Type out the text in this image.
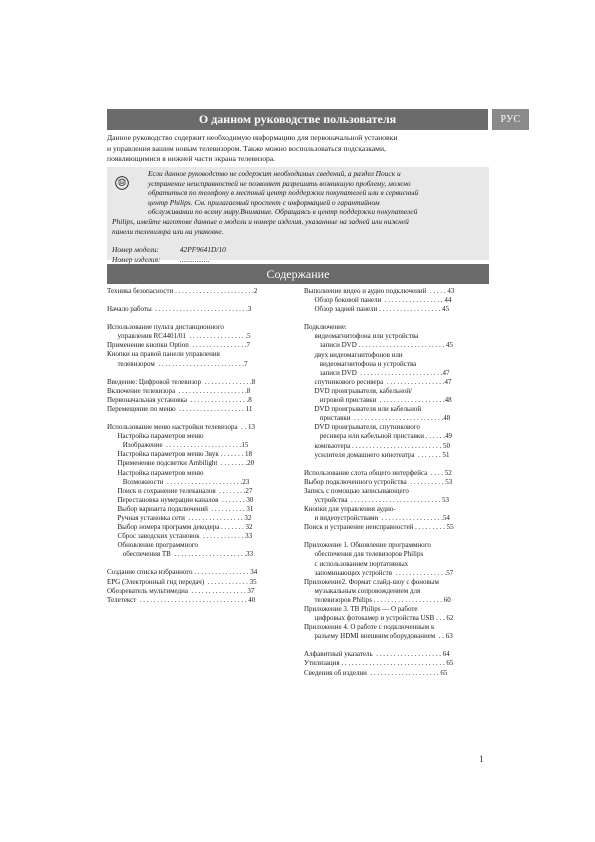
О данном руководстве пользователя	РУС
Данное руководство содержит необходимую информацию для первоначальной установки
и управления вашим новым телевизором. Также можно воспользоваться подсказками,
появляющимися в нижней части экрана телевизора.
Если данное руководство не содержит необходимых сведений, а раздел Поиск и
устранение неисправностей не позволяет разрешить возникшую проблему, можно
обратиться по телефону в местный центр поддержки покупателей или в сервисный
центр Philips. См. прилагаемый проспект с информацией о гарантийном
обслуживании по всему миру.Внимание. Обращаясь в центр поддержки покупателей
Philips, имейте наготове данные о модели и номере изделия, указанные на задней или нижней
панели телевизора или на упаковке.
Номер модели:	42PF9641D/10
Номер изделия:	................
Содержание
Техника безопасности . . . . . . . . . . . . . . . . . . . . . . .2
Начало работы  . . . . . . . . . . . . . . . . . . . . . . . . . . .3
Использование пульта дистанционного
управления RC4401/01  . . . . . . . . . . . . . . . . .5
Применение кнопки Option  . . . . . . . . . . . . . . . .7
Кнопки на правой панели управления
телевизором  . . . . . . . . . . . . . . . . . . . . . . . . .7
Введение: Цифровой телевизор  . . . . . . . . . . . . . .8
Включение телевизора  . . . . . . . . . . . . . . . . . . . .8
Первоначальная установка  . . . . . . . . . . . . . . . . .8
Перемещение по меню  . . . . . . . . . . . . . . . . . . . 11
Использование меню настройки телевизора  . . 13
Настройка параметров меню
Изображение  . . . . . . . . . . . . . . . . . . . . . .15
Настройка параметров меню Звук . . . . . . . 18
Применение подсветки Ambilight  . . . . . . . .20
Настройка параметров меню
Возможности  . . . . . . . . . . . . . . . . . . . . . .23
Поиск и сохранение телеканалов  . . . . . . . .27
Перестановка нумерации каналов  . . . . . . . 30
Выбор варианта подключений  . . . . . . . . . . 31
Ручная установка сети  . . . . . . . . . . . . . . . . 32
Выбор номера программ декодера . . . . . . . 32
Сброс заводских установок  . . . . . . . . . . . . 33
Обновление программного
обеспечения ТВ  . . . . . . . . . . . . . . . . . . . . .33
Создание списка избранного . . . . . . . . . . . . . . . . 34
EPG (Электронный гид передач)  . . . . . . . . . . . . 35
Обозреватель мультимедиа  . . . . . . . . . . . . . . . . 37
Телетекст  . . . . . . . . . . . . . . . . . . . . . . . . . . . . . . . 40
Выполнение видео и аудио подключений  . . . . . 43
Обзор боковой панели  . . . . . . . . . . . . . . . . . 44
Обзор задней панели . . . . . . . . . . . . . . . . . . 45
Подключение:
видеомагнитофона или устройства
записи DVD . . . . . . . . . . . . . . . . . . . . . . . . . 45
двух видеомагнитофонов или
видеомагнитофона и устройства
записи DVD  . . . . . . . . . . . . . . . . . . . . . . . .47
спутникового ресивера  . . . . . . . . . . . . . . . . .47
DVD проигрывателя, кабельной/
игровой приставки  . . . . . . . . . . . . . . . . . . .48
DVD проигрывателя или кабельной
приставки  . . . . . . . . . . . . . . . . . . . . . . . . . .48
DVD проигрывателя, спутникового
ресивера или кабельной приставки . . . . . .49
компьютера . . . . . . . . . . . . . . . . . . . . . . . . . . 50
усилителя домашнего кинотеатра  . . . . . . . 51
Использование слота общего интерфейса  . . . . 52
Выбор подключенного устройства  . . . . . . . . . . 53
Запись с помощью записывающего
устройства  . . . . . . . . . . . . . . . . . . . . . . . . . . 53
Кнопки для управления аудио-
и видеоустройствами  . . . . . . . . . . . . . . . . . .54
Поиск и устранение неисправностей . . . . . . . . . 55
Приложение 1. Обновление программного
обеспечения для телевизоров Philips
с использованием портативных
запоминающих устройств  . . . . . . . . . . . . . . .57
Приложение2. Формат слайд-шоу с фоновым
музыкальным сопровождением для
телевизоров Philips . . . . . . . . . . . . . . . . . . . . 60
Приложение 3. ТВ Philips — О работе
цифровых фотокамер и устройства USB . . . 62
Приложение 4. О работе с подключенным к
разъему HDMI внешним оборудованием  . . 63
Алфавитный указатель  . . . . . . . . . . . . . . . . . . . 64
Утилизация . . . . . . . . . . . . . . . . . . . . . . . . . . . . . . 65
Сведения об изделии  . . . . . . . . . . . . . . . . . . . . 65
1
